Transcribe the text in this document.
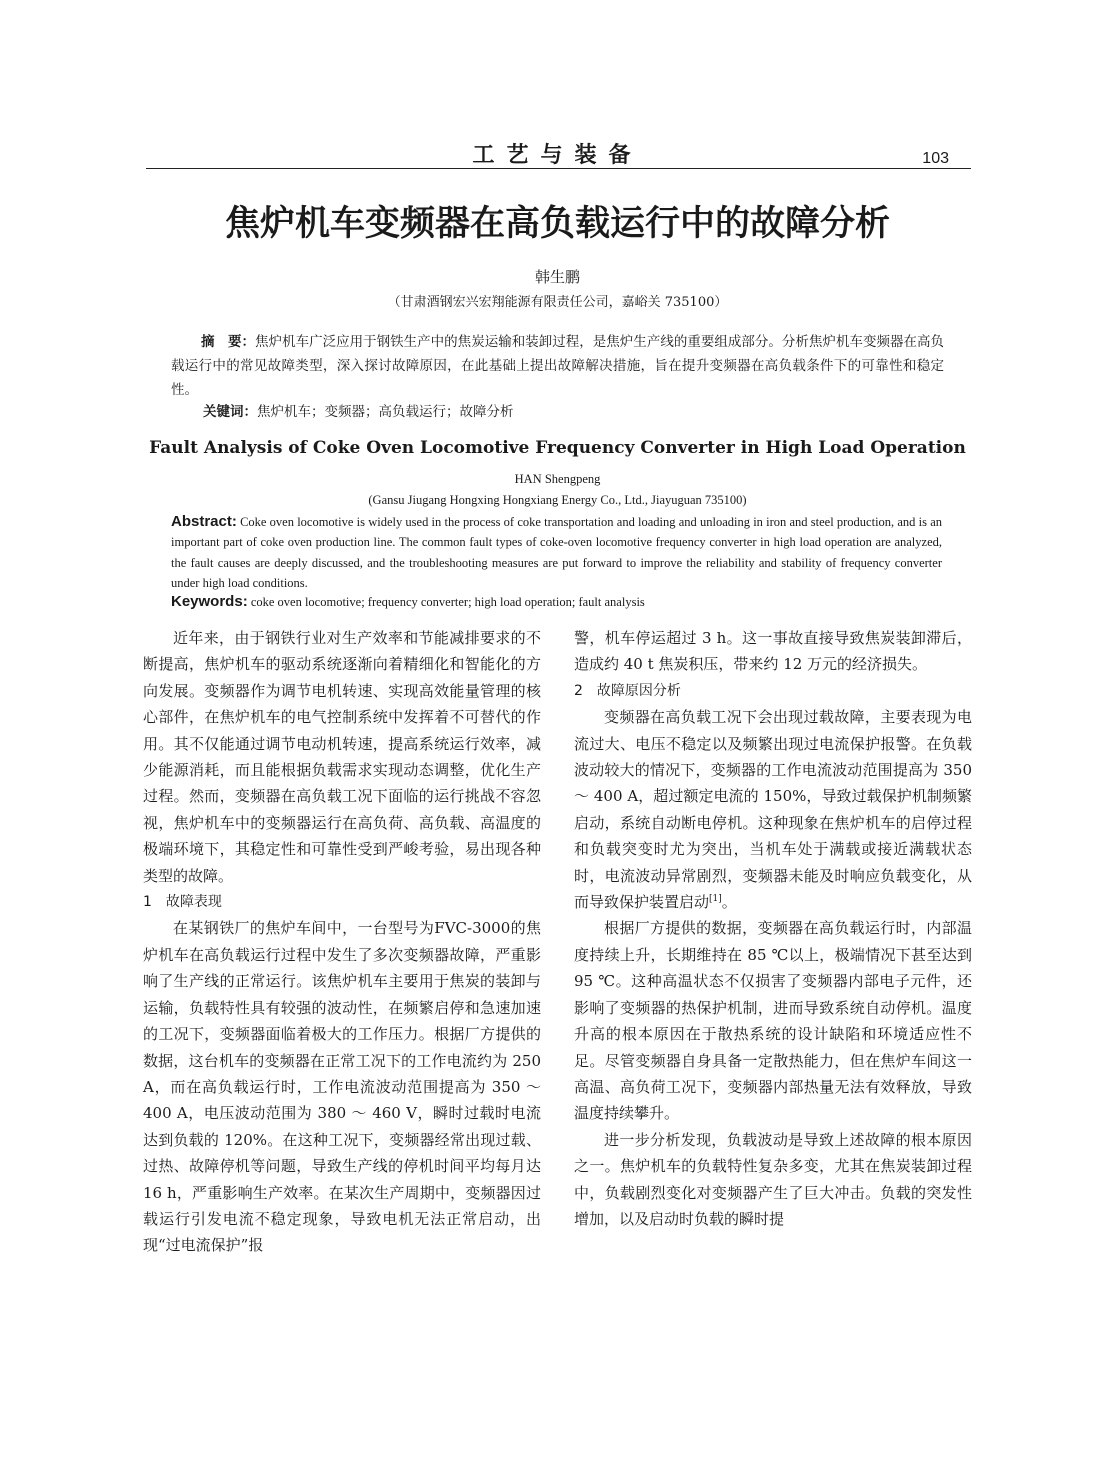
工艺与装备	103
焦炉机车变频器在高负载运行中的故障分析
韩生鹏
（甘肃酒钢宏兴宏翔能源有限责任公司，嘉峪关 735100）
摘　要：焦炉机车广泛应用于钢铁生产中的焦炭运输和装卸过程，是焦炉生产线的重要组成部分。分析焦炉机车变频器在高负载运行中的常见故障类型，深入探讨故障原因，在此基础上提出故障解决措施，旨在提升变频器在高负载条件下的可靠性和稳定性。
关键词：焦炉机车；变频器；高负载运行；故障分析
Fault Analysis of Coke Oven Locomotive Frequency Converter in High Load Operation
HAN Shengpeng
(Gansu Jiugang Hongxing Hongxiang Energy Co., Ltd., Jiayuguan 735100)
Abstract: Coke oven locomotive is widely used in the process of coke transportation and loading and unloading in iron and steel production, and is an important part of coke oven production line. The common fault types of coke-oven locomotive frequency converter in high load operation are analyzed, the fault causes are deeply discussed, and the troubleshooting measures are put forward to improve the reliability and stability of frequency converter under high load conditions.
Keywords: coke oven locomotive; frequency converter; high load operation; fault analysis

近年来，由于钢铁行业对生产效率和节能减排要求的不断提高，焦炉机车的驱动系统逐渐向着精细化和智能化的方向发展。变频器作为调节电机转速、实现高效能量管理的核心部件，在焦炉机车的电气控制系统中发挥着不可替代的作用。其不仅能通过调节电动机转速，提高系统运行效率，减少能源消耗，而且能根据负载需求实现动态调整，优化生产过程。然而，变频器在高负载工况下面临的运行挑战不容忽视，焦炉机车中的变频器运行在高负荷、高负载、高温度的极端环境下，其稳定性和可靠性受到严峻考验，易出现各种类型的故障。

1　故障表现

在某钢铁厂的焦炉车间中，一台型号为FVC-3000的焦炉机车在高负载运行过程中发生了多次变频器故障，严重影响了生产线的正常运行。该焦炉机车主要用于焦炭的装卸与运输，负载特性具有较强的波动性，在频繁启停和急速加速的工况下，变频器面临着极大的工作压力。根据厂方提供的数据，这台机车的变频器在正常工况下的工作电流约为 250 A，而在高负载运行时，工作电流波动范围提高为 350 ～ 400 A，电压波动范围为 380 ～ 460 V，瞬时过载时电流达到负载的 120%。在这种工况下，变频器经常出现过载、过热、故障停机等问题，导致生产线的停机时间平均每月达 16 h，严重影响生产效率。在某次生产周期中，变频器因过载运行引发电流不稳定现象，导致电机无法正常启动，出现“过电流保护”报

警，机车停运超过 3 h。这一事故直接导致焦炭装卸滞后，造成约 40 t 焦炭积压，带来约 12 万元的经济损失。

2　故障原因分析

变频器在高负载工况下会出现过载故障，主要表现为电流过大、电压不稳定以及频繁出现过电流保护报警。在负载波动较大的情况下，变频器的工作电流波动范围提高为 350 ～ 400 A，超过额定电流的 150%，导致过载保护机制频繁启动，系统自动断电停机。这种现象在焦炉机车的启停过程和负载突变时尤为突出，当机车处于满载或接近满载状态时，电流波动异常剧烈，变频器未能及时响应负载变化，从而导致保护装置启动[1]。

根据厂方提供的数据，变频器在高负载运行时，内部温度持续上升，长期维持在 85 ℃以上，极端情况下甚至达到 95 ℃。这种高温状态不仅损害了变频器内部电子元件，还影响了变频器的热保护机制，进而导致系统自动停机。温度升高的根本原因在于散热系统的设计缺陷和环境适应性不足。尽管变频器自身具备一定散热能力，但在焦炉车间这一高温、高负荷工况下，变频器内部热量无法有效释放，导致温度持续攀升。

进一步分析发现，负载波动是导致上述故障的根本原因之一。焦炉机车的负载特性复杂多变，尤其在焦炭装卸过程中，负载剧烈变化对变频器产生了巨大冲击。负载的突发性增加，以及启动时负载的瞬时提
